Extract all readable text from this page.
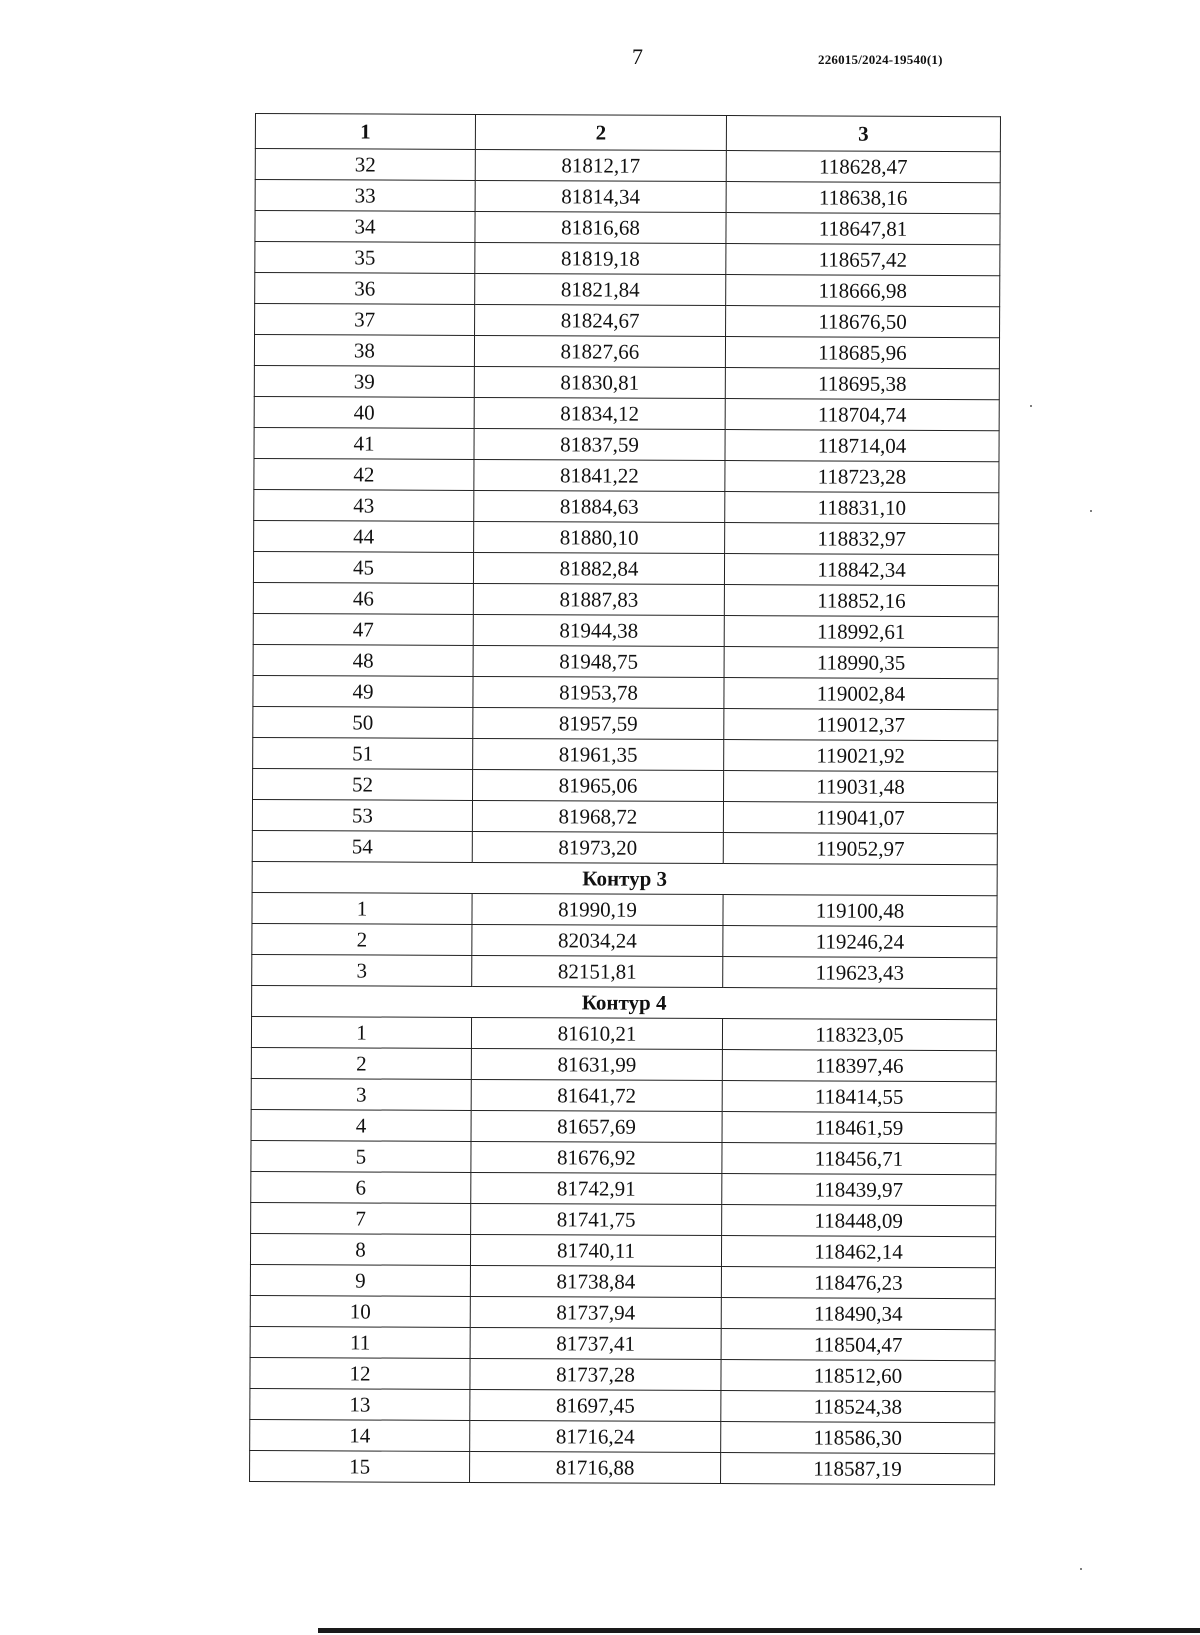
7	226015/2024-19540(1)
1	2	3
32	81812,17	118628,47
33	81814,34	118638,16
34	81816,68	118647,81
35	81819,18	118657,42
36	81821,84	118666,98
37	81824,67	118676,50
38	81827,66	118685,96
39	81830,81	118695,38
40	81834,12	118704,74
41	81837,59	118714,04
42	81841,22	118723,28
43	81884,63	118831,10
44	81880,10	118832,97
45	81882,84	118842,34
46	81887,83	118852,16
47	81944,38	118992,61
48	81948,75	118990,35
49	81953,78	119002,84
50	81957,59	119012,37
51	81961,35	119021,92
52	81965,06	119031,48
53	81968,72	119041,07
54	81973,20	119052,97
Контур 3		
1	81990,19	119100,48
2	82034,24	119246,24
3	82151,81	119623,43
Контур 4		
1	81610,21	118323,05
2	81631,99	118397,46
3	81641,72	118414,55
4	81657,69	118461,59
5	81676,92	118456,71
6	81742,91	118439,97
7	81741,75	118448,09
8	81740,11	118462,14
9	81738,84	118476,23
10	81737,94	118490,34
11	81737,41	118504,47
12	81737,28	118512,60
13	81697,45	118524,38
14	81716,24	118586,30
15	81716,88	118587,19
